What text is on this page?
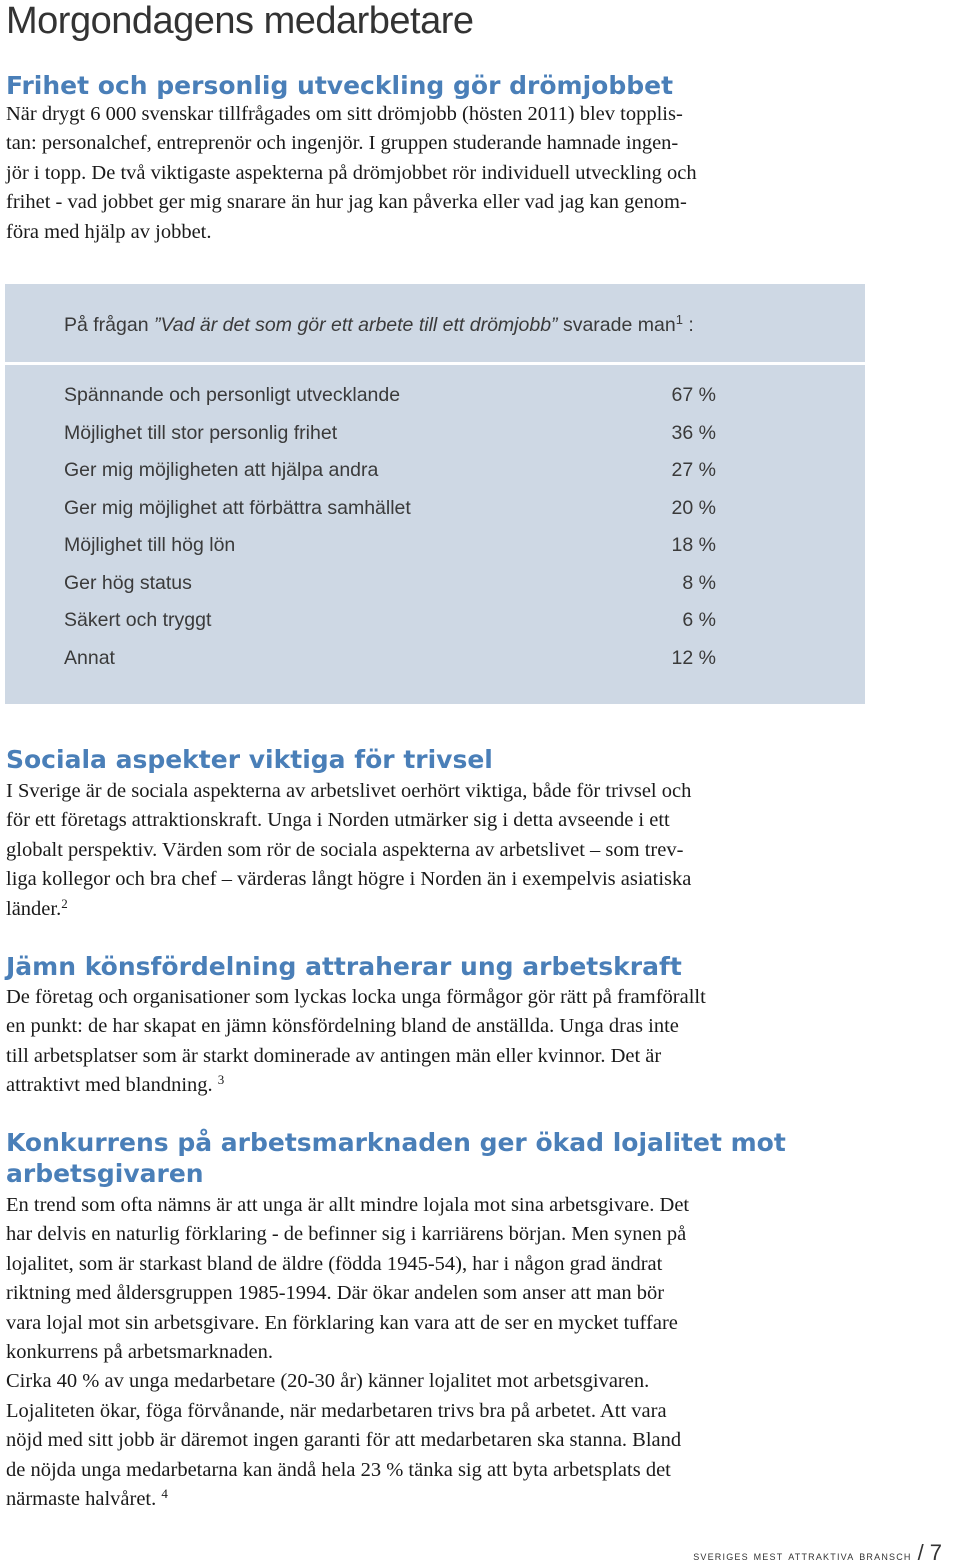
Morgondagens medarbetare
Frihet och personlig utveckling gör drömjobbet
När drygt 6 000 svenskar tillfrågades om sitt drömjobb (hösten 2011) blev topplis-
tan: personalchef, entreprenör och ingenjör. I gruppen studerande hamnade ingen-
jör i topp. De två viktigaste aspekterna på drömjobbet rör individuell utveckling och
frihet - vad jobbet ger mig snarare än hur jag kan påverka eller vad jag kan genom-
föra med hjälp av jobbet.
På frågan ”Vad är det som gör ett arbete till ett drömjobb” svarade man$^1$ :
Spännande och personligt utvecklande	67 %
Möjlighet till stor personlig frihet	36 %
Ger mig möjligheten att hjälpa andra	27 %
Ger mig möjlighet att förbättra samhället	20 %
Möjlighet till hög lön	18 %
Ger hög status	8 %
Säkert och tryggt	6 %
Annat	12 %
Sociala aspekter viktiga för trivsel
I Sverige är de sociala aspekterna av arbetslivet oerhört viktiga, både för trivsel och
för ett företags attraktionskraft. Unga i Norden utmärker sig i detta avseende i ett
globalt perspektiv. Värden som rör de sociala aspekterna av arbetslivet – som trev-
liga kollegor och bra chef – värderas långt högre i Norden än i exempelvis asiatiska
länder.$^2$
Jämn könsfördelning attraherar ung arbetskraft
De företag och organisationer som lyckas locka unga förmågor gör rätt på framförallt
en punkt: de har skapat en jämn könsfördelning bland de anställda. Unga dras inte
till arbetsplatser som är starkt dominerade av antingen män eller kvinnor. Det är
attraktivt med blandning. $^3$
Konkurrens på arbetsmarknaden ger ökad lojalitet mot
arbetsgivaren
En trend som ofta nämns är att unga är allt mindre lojala mot sina arbetsgivare. Det
har delvis en naturlig förklaring - de befinner sig i karriärens början. Men synen på
lojalitet, som är starkast bland de äldre (födda 1945-54), har i någon grad ändrat
riktning med åldersgruppen 1985-1994. Där ökar andelen som anser att man bör
vara lojal mot sin arbetsgivare. En förklaring kan vara att de ser en mycket tuffare
konkurrens på arbetsmarknaden.
Cirka 40 % av unga medarbetare (20-30 år) känner lojalitet mot arbetsgivaren.
Lojaliteten ökar, föga förvånande, när medarbetaren trivs bra på arbetet. Att vara
nöjd med sitt jobb är däremot ingen garanti för att medarbetaren ska stanna. Bland
de nöjda unga medarbetarna kan ändå hela 23 % tänka sig att byta arbetsplats det
närmaste halvåret. $^4$
sveriges mest attraktiva bransch / 7
